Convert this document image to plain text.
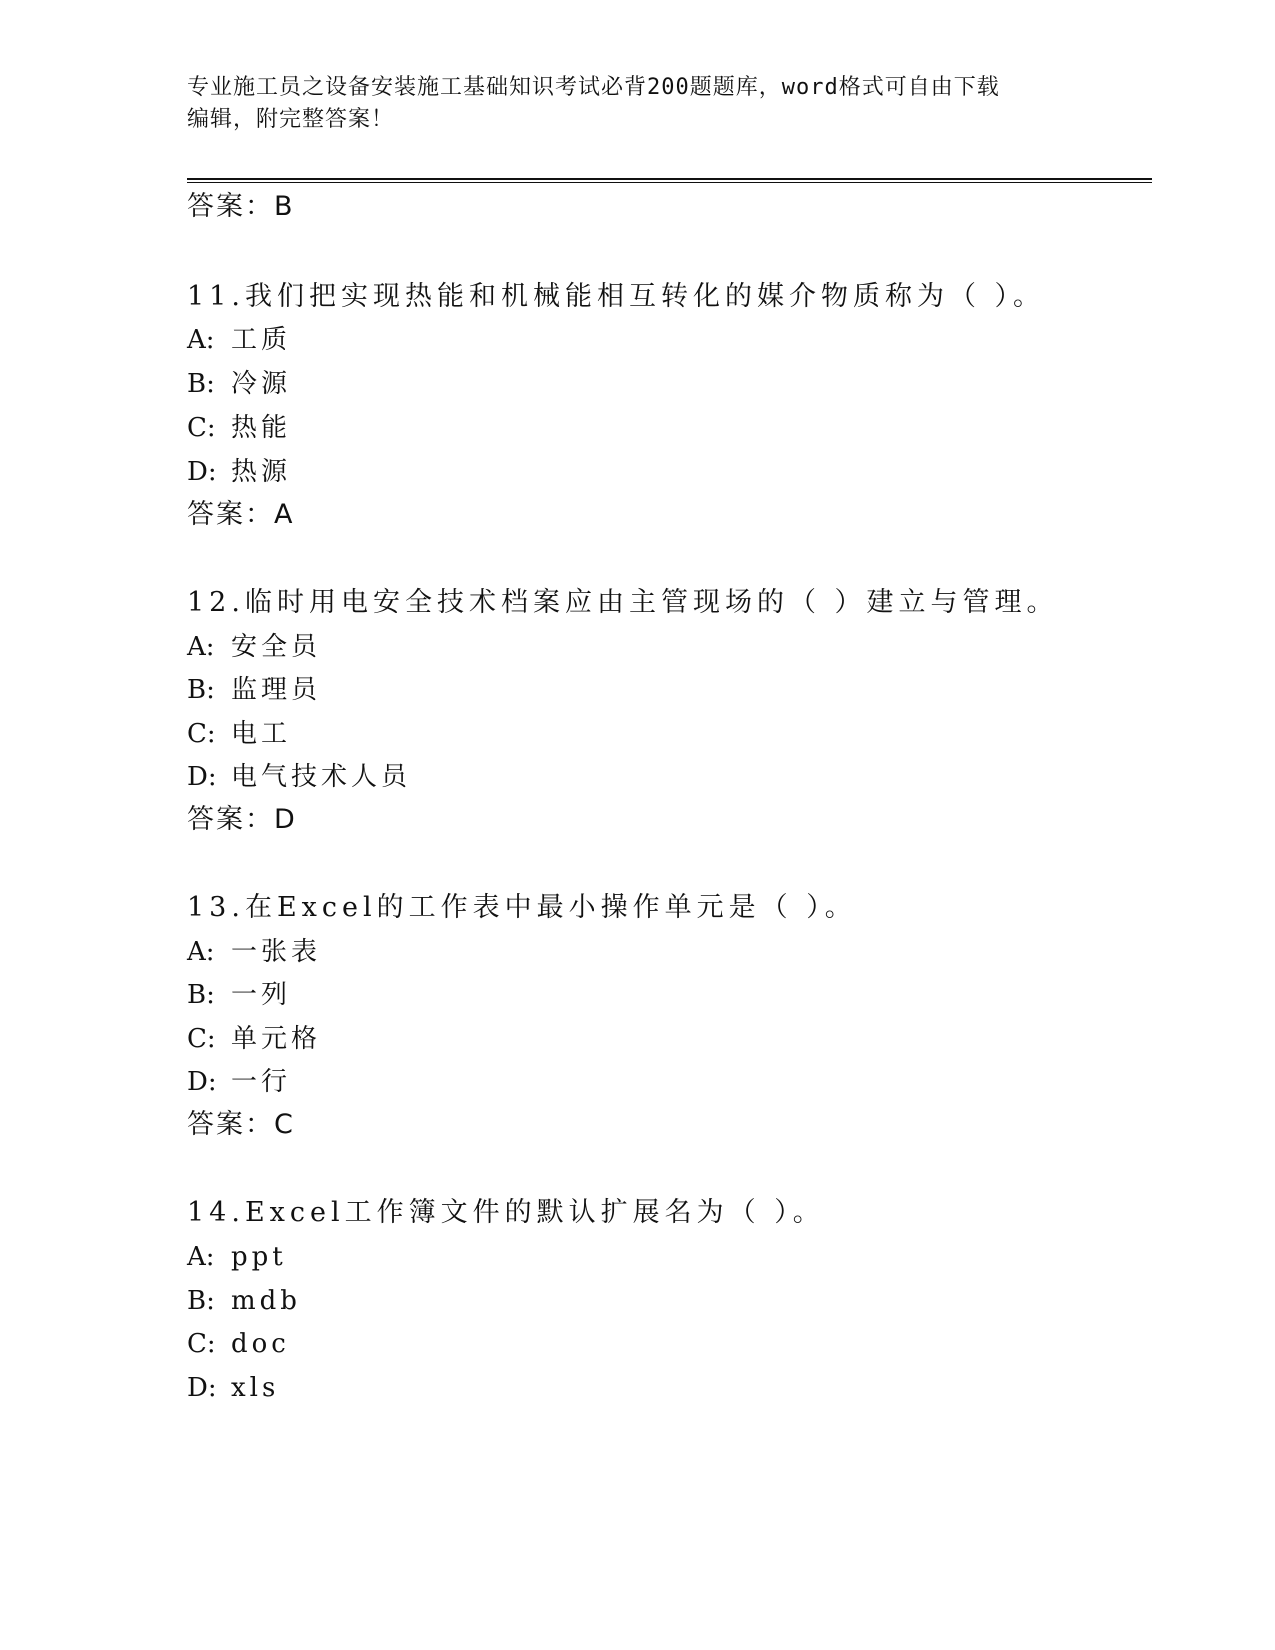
专业施工员之设备安装施工基础知识考试必背200题题库，word格式可自由下载
编辑，附完整答案！
答案：B
11.我们把实现热能和机械能相互转化的媒介物质称为（ ）。
A: 工质
B: 冷源
C: 热能
D: 热源
答案：A
12.临时用电安全技术档案应由主管现场的（ ）建立与管理。
A: 安全员
B: 监理员
C: 电工
D: 电气技术人员
答案：D
13.在Excel的工作表中最小操作单元是（ ）。
A: 一张表
B: 一列
C: 单元格
D: 一行
答案：C
14.Excel工作簿文件的默认扩展名为（ ）。
A: ppt
B: mdb
C: doc
D: xls
